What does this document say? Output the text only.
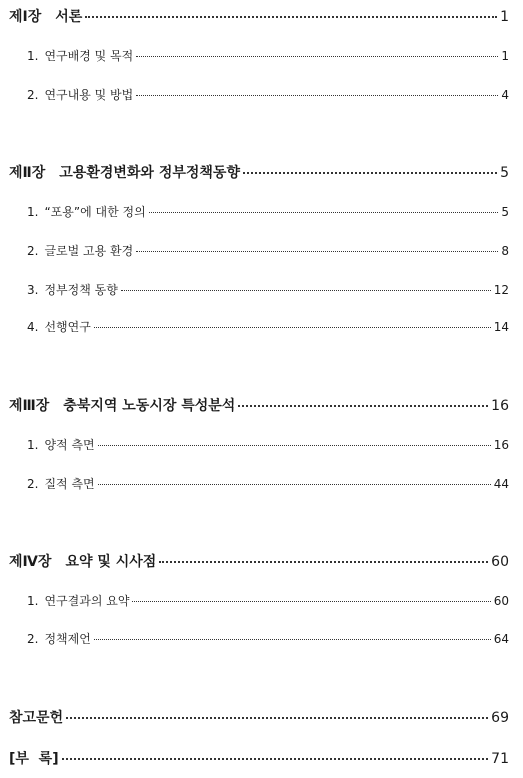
제Ⅰ장 서론	1
1. 연구배경 및 목적	1
2. 연구내용 및 방법	4
제Ⅱ장 고용환경변화와 정부정책동향	5
1. “포용”에 대한 정의	5
2. 글로벌 고용 환경	8
3. 정부정책 동향	12
4. 선행연구	14
제Ⅲ장 충북지역 노동시장 특성분석	16
1. 양적 측면	16
2. 질적 측면	44
제Ⅳ장 요약 및 시사점	60
1. 연구결과의 요약	60
2. 정책제언	64
참고문헌	69
[부  록]	71
